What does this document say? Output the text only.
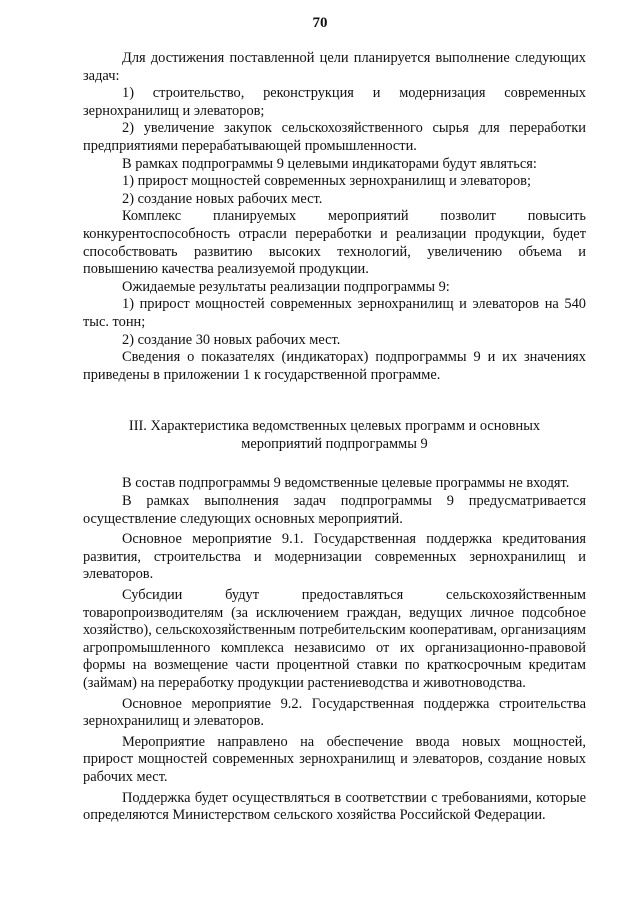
70

Для достижения поставленной цели планируется выполнение следующих задач:

1) строительство, реконструкция и модернизация современных зернохранилищ и элеваторов;

2) увеличение закупок сельскохозяйственного сырья для переработки предприятиями перерабатывающей промышленности.

В рамках подпрограммы 9 целевыми индикаторами будут являться:

1) прирост мощностей современных зернохранилищ и элеваторов;

2) создание новых рабочих мест.

Комплекс планируемых мероприятий позволит повысить конкурентоспособность отрасли переработки и реализации продукции, будет способствовать развитию высоких технологий, увеличению объема и повышению качества реализуемой продукции.

Ожидаемые результаты реализации подпрограммы 9:

1) прирост мощностей современных зернохранилищ и элеваторов на 540 тыс. тонн;

2) создание 30 новых рабочих мест.

Сведения о показателях (индикаторах) подпрограммы 9 и их значениях приведены в приложении 1 к государственной программе.

III. Характеристика ведомственных целевых программ и основных
мероприятий подпрограммы 9

В состав подпрограммы 9 ведомственные целевые программы не входят.

В рамках выполнения задач подпрограммы 9 предусматривается осуществление следующих основных мероприятий.

Основное мероприятие 9.1. Государственная поддержка кредитования развития, строительства и модернизации современных зернохранилищ и элеваторов.

Субсидии будут предоставляться сельскохозяйственным товаропроизводителям (за исключением граждан, ведущих личное подсобное хозяйство), сельскохозяйственным потребительским кооперативам, организациям агропромышленного комплекса независимо от их организационно-правовой формы на возмещение части процентной ставки по краткосрочным кредитам (займам) на переработку продукции растениеводства и животноводства.

Основное мероприятие 9.2. Государственная поддержка строительства зернохранилищ и элеваторов.

Мероприятие направлено на обеспечение ввода новых мощностей, прирост мощностей современных зернохранилищ и элеваторов, создание новых рабочих мест.

Поддержка будет осуществляться в соответствии с требованиями, которые определяются Министерством сельского хозяйства Российской Федерации.
